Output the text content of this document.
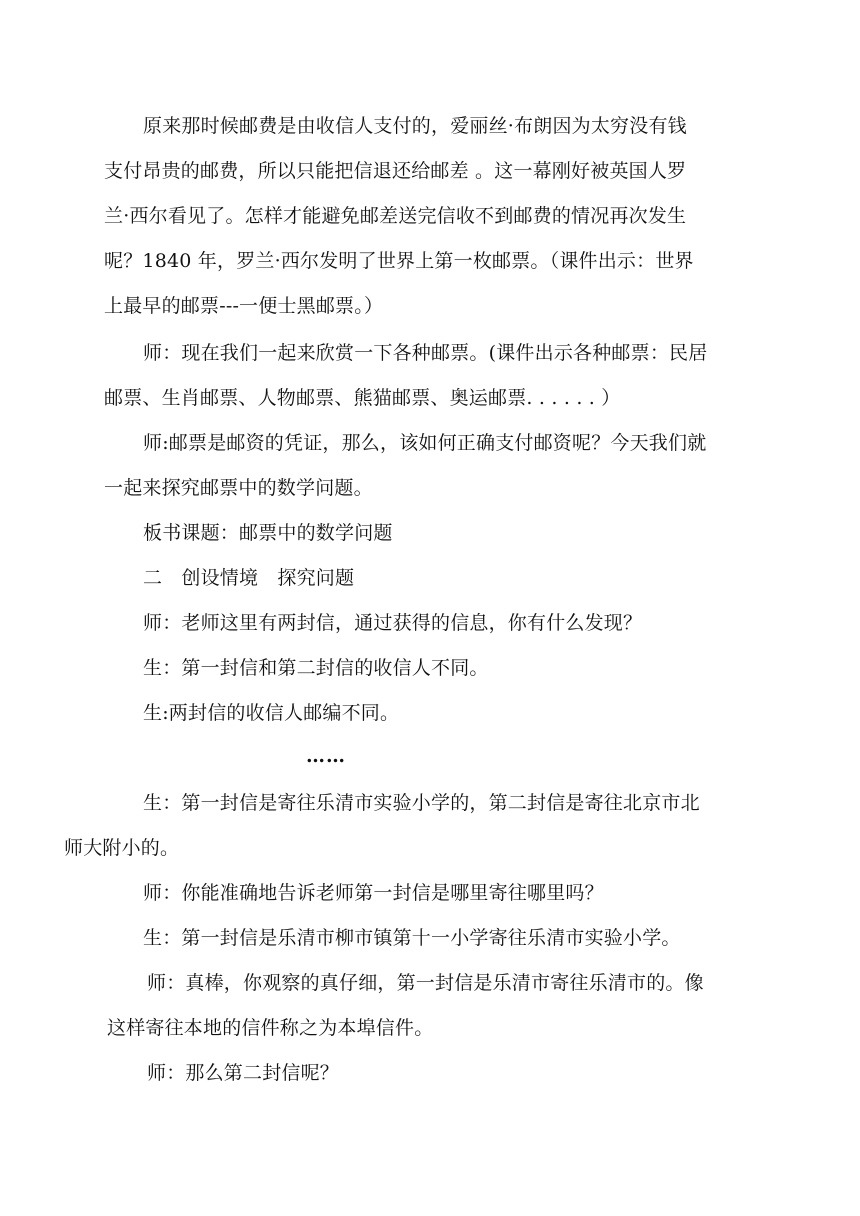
原来那时候邮费是由收信人支付的，爱丽丝·布朗因为太穷没有钱
支付昂贵的邮费，所以只能把信退还给邮差 。这一幕刚好被英国人罗
兰·西尔看见了。怎样才能避免邮差送完信收不到邮费的情况再次发生
呢？1840 年，罗兰·西尔发明了世界上第一枚邮票。（课件出示：世界
上最早的邮票---一便士黑邮票。）
师：现在我们一起来欣赏一下各种邮票。(课件出示各种邮票：民居
邮票、生肖邮票、人物邮票、熊猫邮票、奥运邮票. . . . . . ）
师:邮票是邮资的凭证，那么，该如何正确支付邮资呢？今天我们就
一起来探究邮票中的数学问题。
板书课题：邮票中的数学问题
二　创设情境　探究问题
师：老师这里有两封信，通过获得的信息，你有什么发现？
生：第一封信和第二封信的收信人不同。
生:两封信的收信人邮编不同。
……
生：第一封信是寄往乐清市实验小学的，第二封信是寄往北京市北
师大附小的。
师：你能准确地告诉老师第一封信是哪里寄往哪里吗？
生：第一封信是乐清市柳市镇第十一小学寄往乐清市实验小学。
师：真棒，你观察的真仔细，第一封信是乐清市寄往乐清市的。像
这样寄往本地的信件称之为本埠信件。
师：那么第二封信呢？
